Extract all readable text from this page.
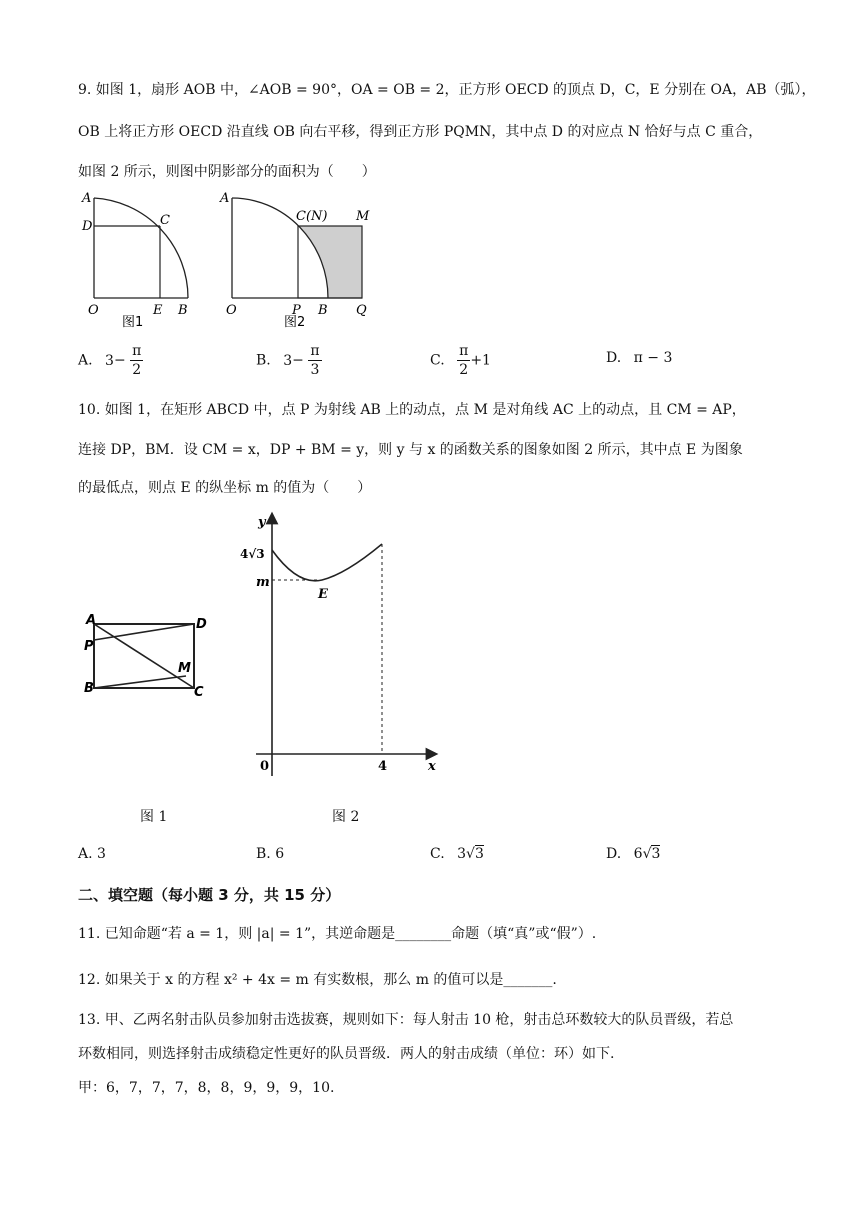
9. 如图 1，扇形 AOB 中，∠AOB = 90°，OA = OB = 2，正方形 OECD 的顶点 D，C，E 分别在 OA，AB（弧），
OB 上将正方形 OECD 沿直线 OB 向右平移，得到正方形 PQMN，其中点 D 的对应点 N 恰好与点 C 重合，
如图 2 所示，则图中阴影部分的面积为（　　）
A
D	C
O	E B
图1
A
C(N) M
O	P B Q
图2
A. $3- \frac{\pi}{2}$	B. $3- \frac{\pi}{3}$	C. $\frac{\pi}{2} +1$	D. π − 3
10. 如图 1，在矩形 ABCD 中，点 P 为射线 AB 上的动点，点 M 是对角线 AC 上的动点，且 CM = AP，
连接 DP，BM．设 CM = x，DP + BM = y，则 y 与 x 的函数关系的图象如图 2 所示，其中点 E 为图象
的最低点，则点 E 的纵坐标 m 的值为（　　）
A	D
P
M
B	C
y
x
0	4
4√3
m
E
图 1	图 2
A. 3	B. 6	C. 3√3	D. 6√3
二、填空题（每小题 3 分，共 15 分）
11. 已知命题“若 a = 1，则 |a| = 1”，其逆命题是________命题（填“真”或“假”）.
12. 如果关于 x 的方程 x² + 4x = m 有实数根，那么 m 的值可以是_______.
13. 甲、乙两名射击队员参加射击选拔赛，规则如下：每人射击 10 枪，射击总环数较大的队员晋级，若总
环数相同，则选择射击成绩稳定性更好的队员晋级．两人的射击成绩（单位：环）如下.
甲：6，7，7，7，8，8，9，9，9，10.
